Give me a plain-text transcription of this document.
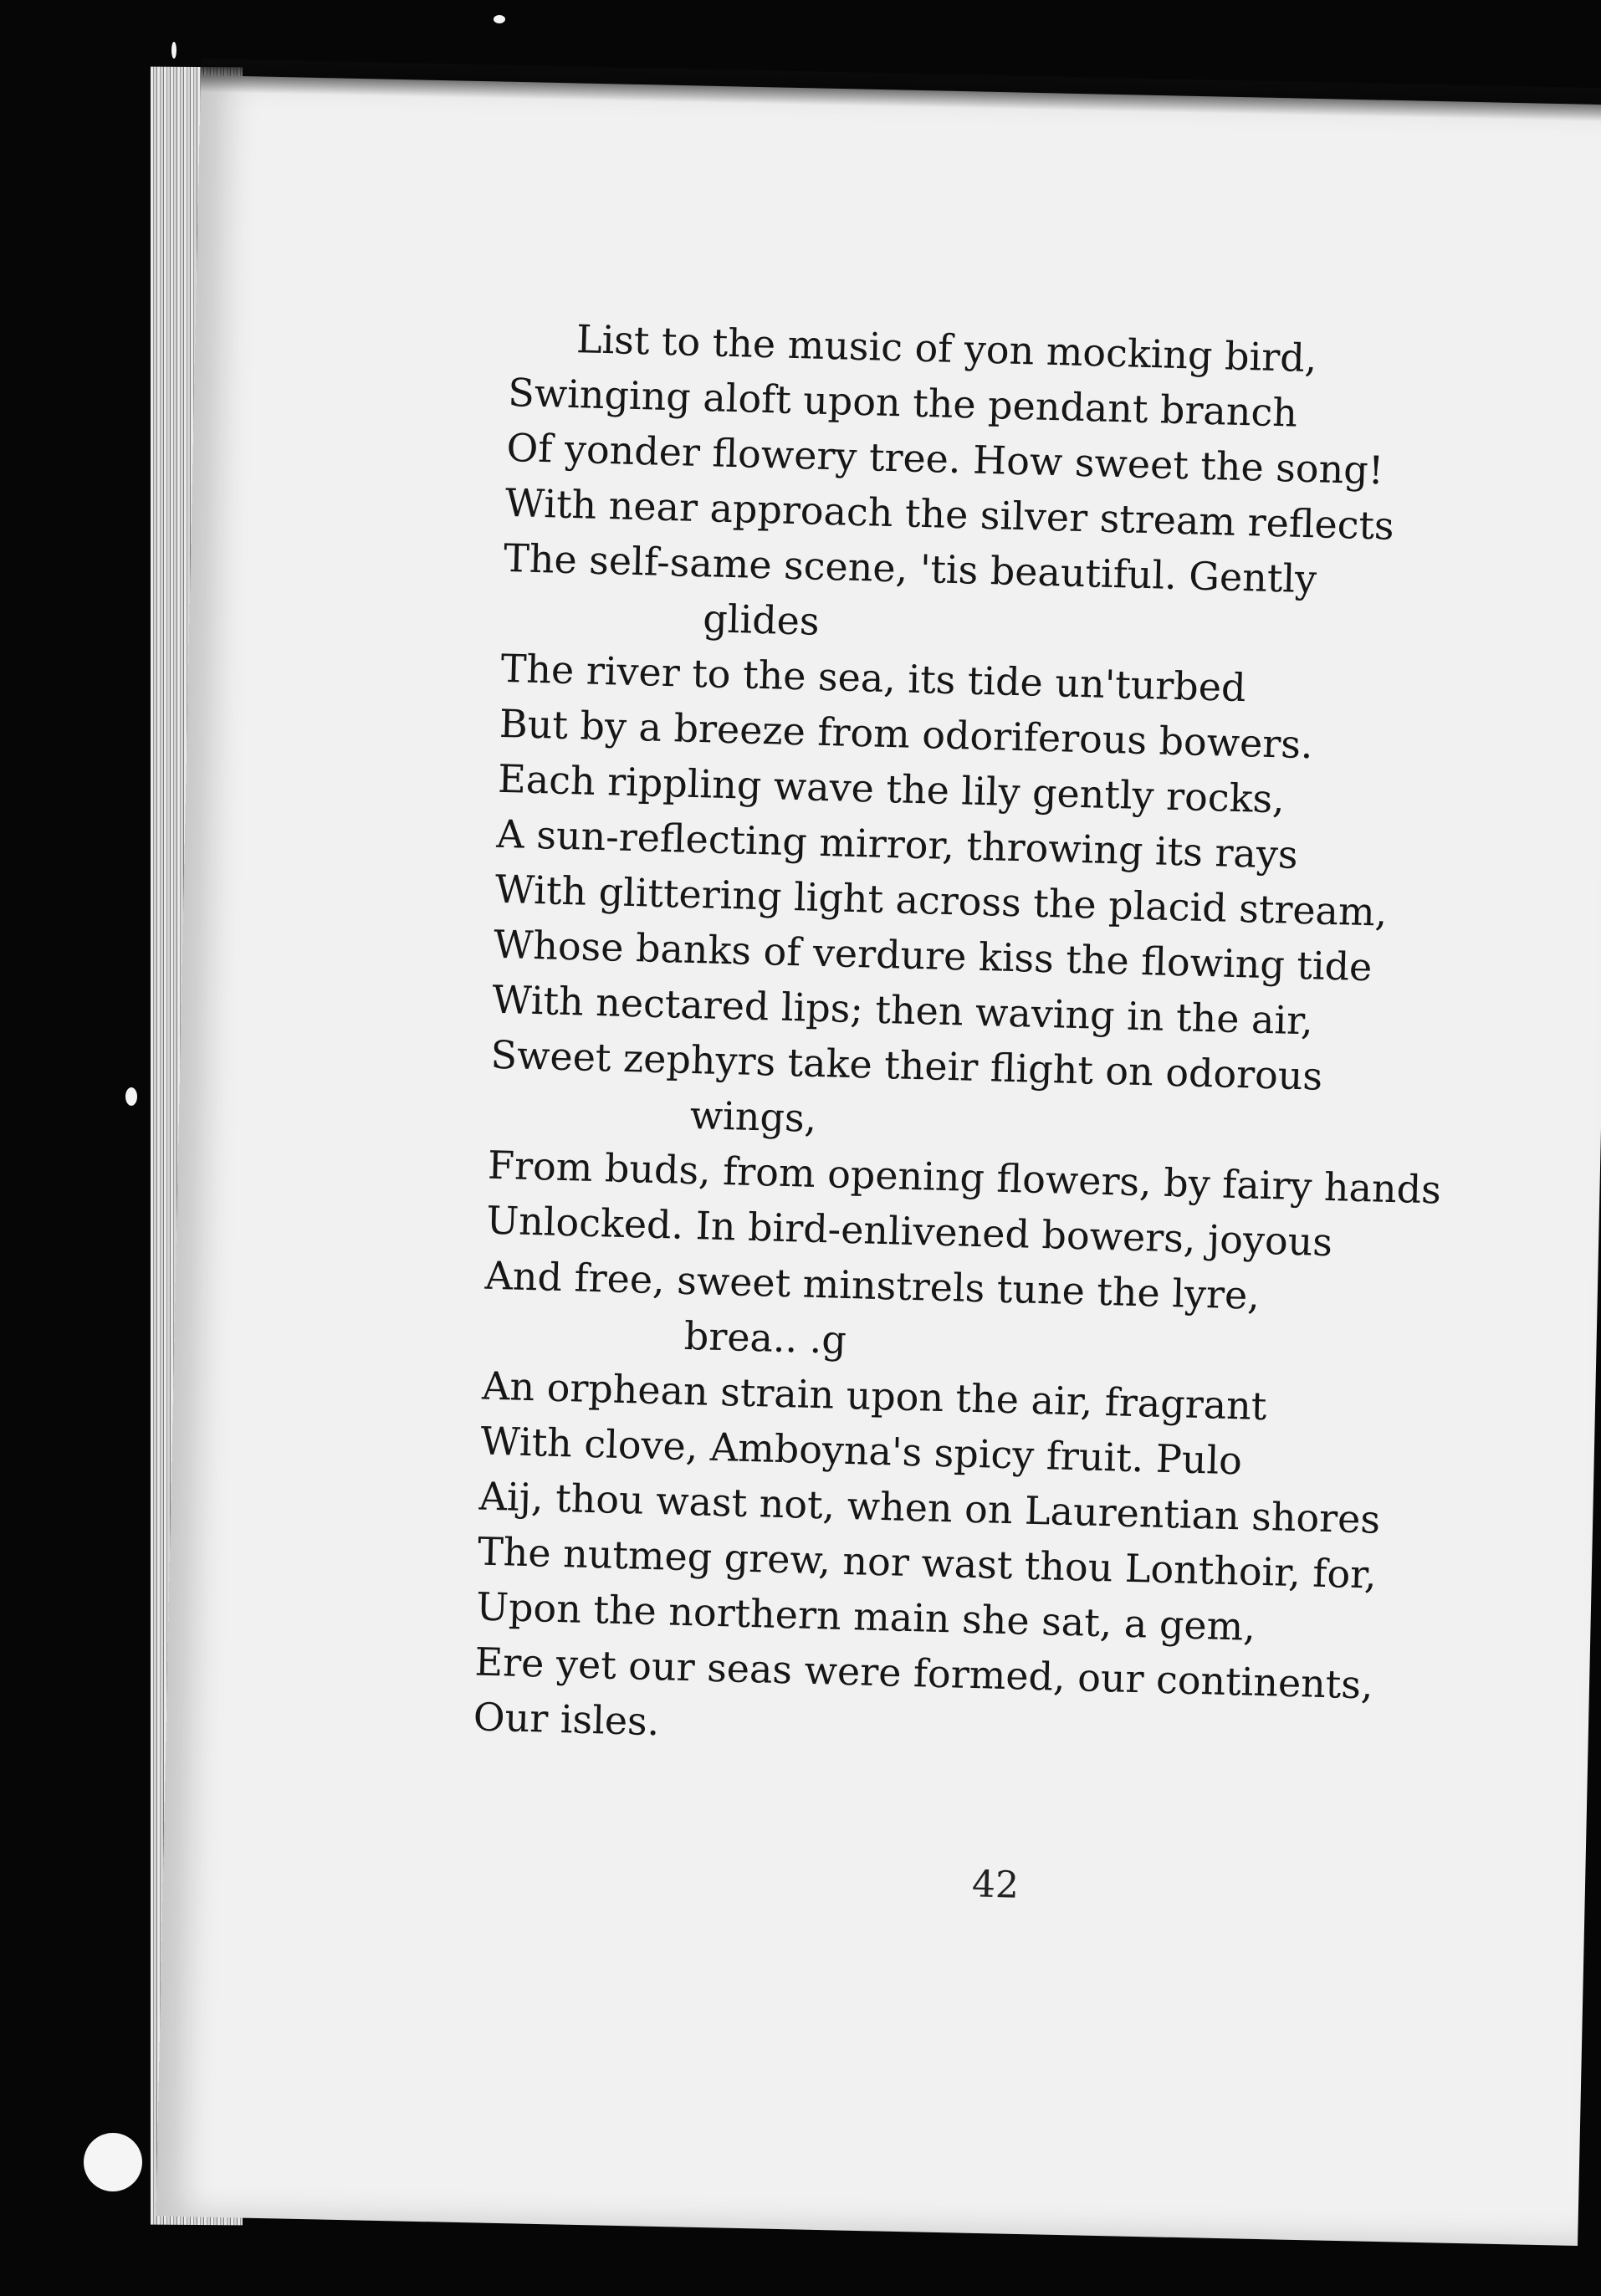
List to the music of yon mocking bird,
Swinging aloft upon the pendant branch
Of yonder flowery tree. How sweet the song!
With near approach the silver stream reflects
The self-same scene, 'tis beautiful. Gently
glides
The river to the sea, its tide un'turbed
But by a breeze from odoriferous bowers.
Each rippling wave the lily gently rocks,
A sun-reflecting mirror, throwing its rays
With glittering light across the placid stream,
Whose banks of verdure kiss the flowing tide
With nectared lips; then waving in the air,
Sweet zephyrs take their flight on odorous
wings,
From buds, from opening flowers, by fairy hands
Unlocked. In bird-enlivened bowers, joyous
And free, sweet minstrels tune the lyre,
brea.. .g
An orphean strain upon the air, fragrant
With clove, Amboyna's spicy fruit. Pulo
Aij, thou wast not, when on Laurentian shores
The nutmeg grew, nor wast thou Lonthoir, for,
Upon the northern main she sat, a gem,
Ere yet our seas were formed, our continents,
Our isles.
42
